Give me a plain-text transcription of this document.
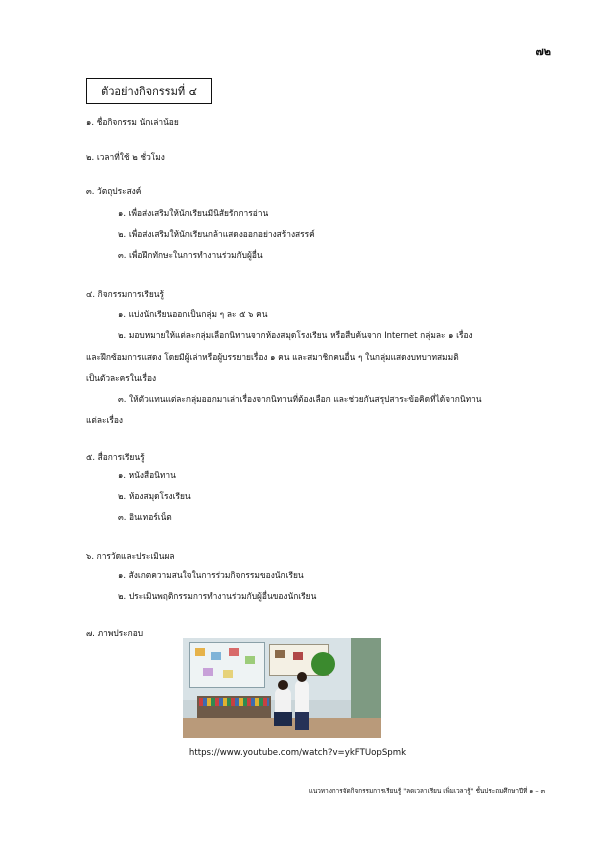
๗๒
ตัวอย่างกิจกรรมที่ ๔
๑. ชื่อกิจกรรม นักเล่าน้อย
๒. เวลาที่ใช้ ๒ ชั่วโมง
๓. วัตถุประสงค์
๑. เพื่อส่งเสริมให้นักเรียนมีนิสัยรักการอ่าน
๒. เพื่อส่งเสริมให้นักเรียนกล้าแสดงออกอย่างสร้างสรรค์
๓. เพื่อฝึกทักษะในการทำงานร่วมกับผู้อื่น
๔. กิจกรรมการเรียนรู้
๑. แบ่งนักเรียนออกเป็นกลุ่ม ๆ ละ ๕ ๖ คน
๒. มอบหมายให้แต่ละกลุ่มเลือกนิทานจากห้องสมุดโรงเรียน หรือสืบค้นจาก Internet กลุ่มละ ๑ เรื่อง
และฝึกซ้อมการแสดง โดยมีผู้เล่าหรือผู้บรรยายเรื่อง ๑ คน และสมาชิกคนอื่น ๆ ในกลุ่มแสดงบทบาทสมมติ
เป็นตัวละครในเรื่อง
๓. ให้ตัวแทนแต่ละกลุ่มออกมาเล่าเรื่องจากนิทานที่ต้องเลือก และช่วยกันสรุปสาระข้อคิดที่ได้จากนิทาน
แต่ละเรื่อง
๕. สื่อการเรียนรู้
๑. หนังสือนิทาน
๒. ห้องสมุดโรงเรียน
๓. อินเทอร์เน็ต
๖. การวัดและประเมินผล
๑. สังเกตความสนใจในการร่วมกิจกรรมของนักเรียน
๒. ประเมินพฤติกรรมการทำงานร่วมกับผู้อื่นของนักเรียน
๗. ภาพประกอบ
https://www.youtube.com/watch?v=ykFTUopSpmk
แนวทางการจัดกิจกรรมการเรียนรู้ "ลดเวลาเรียน เพิ่มเวลารู้" ชั้นประถมศึกษาปีที่ ๑ – ๓
